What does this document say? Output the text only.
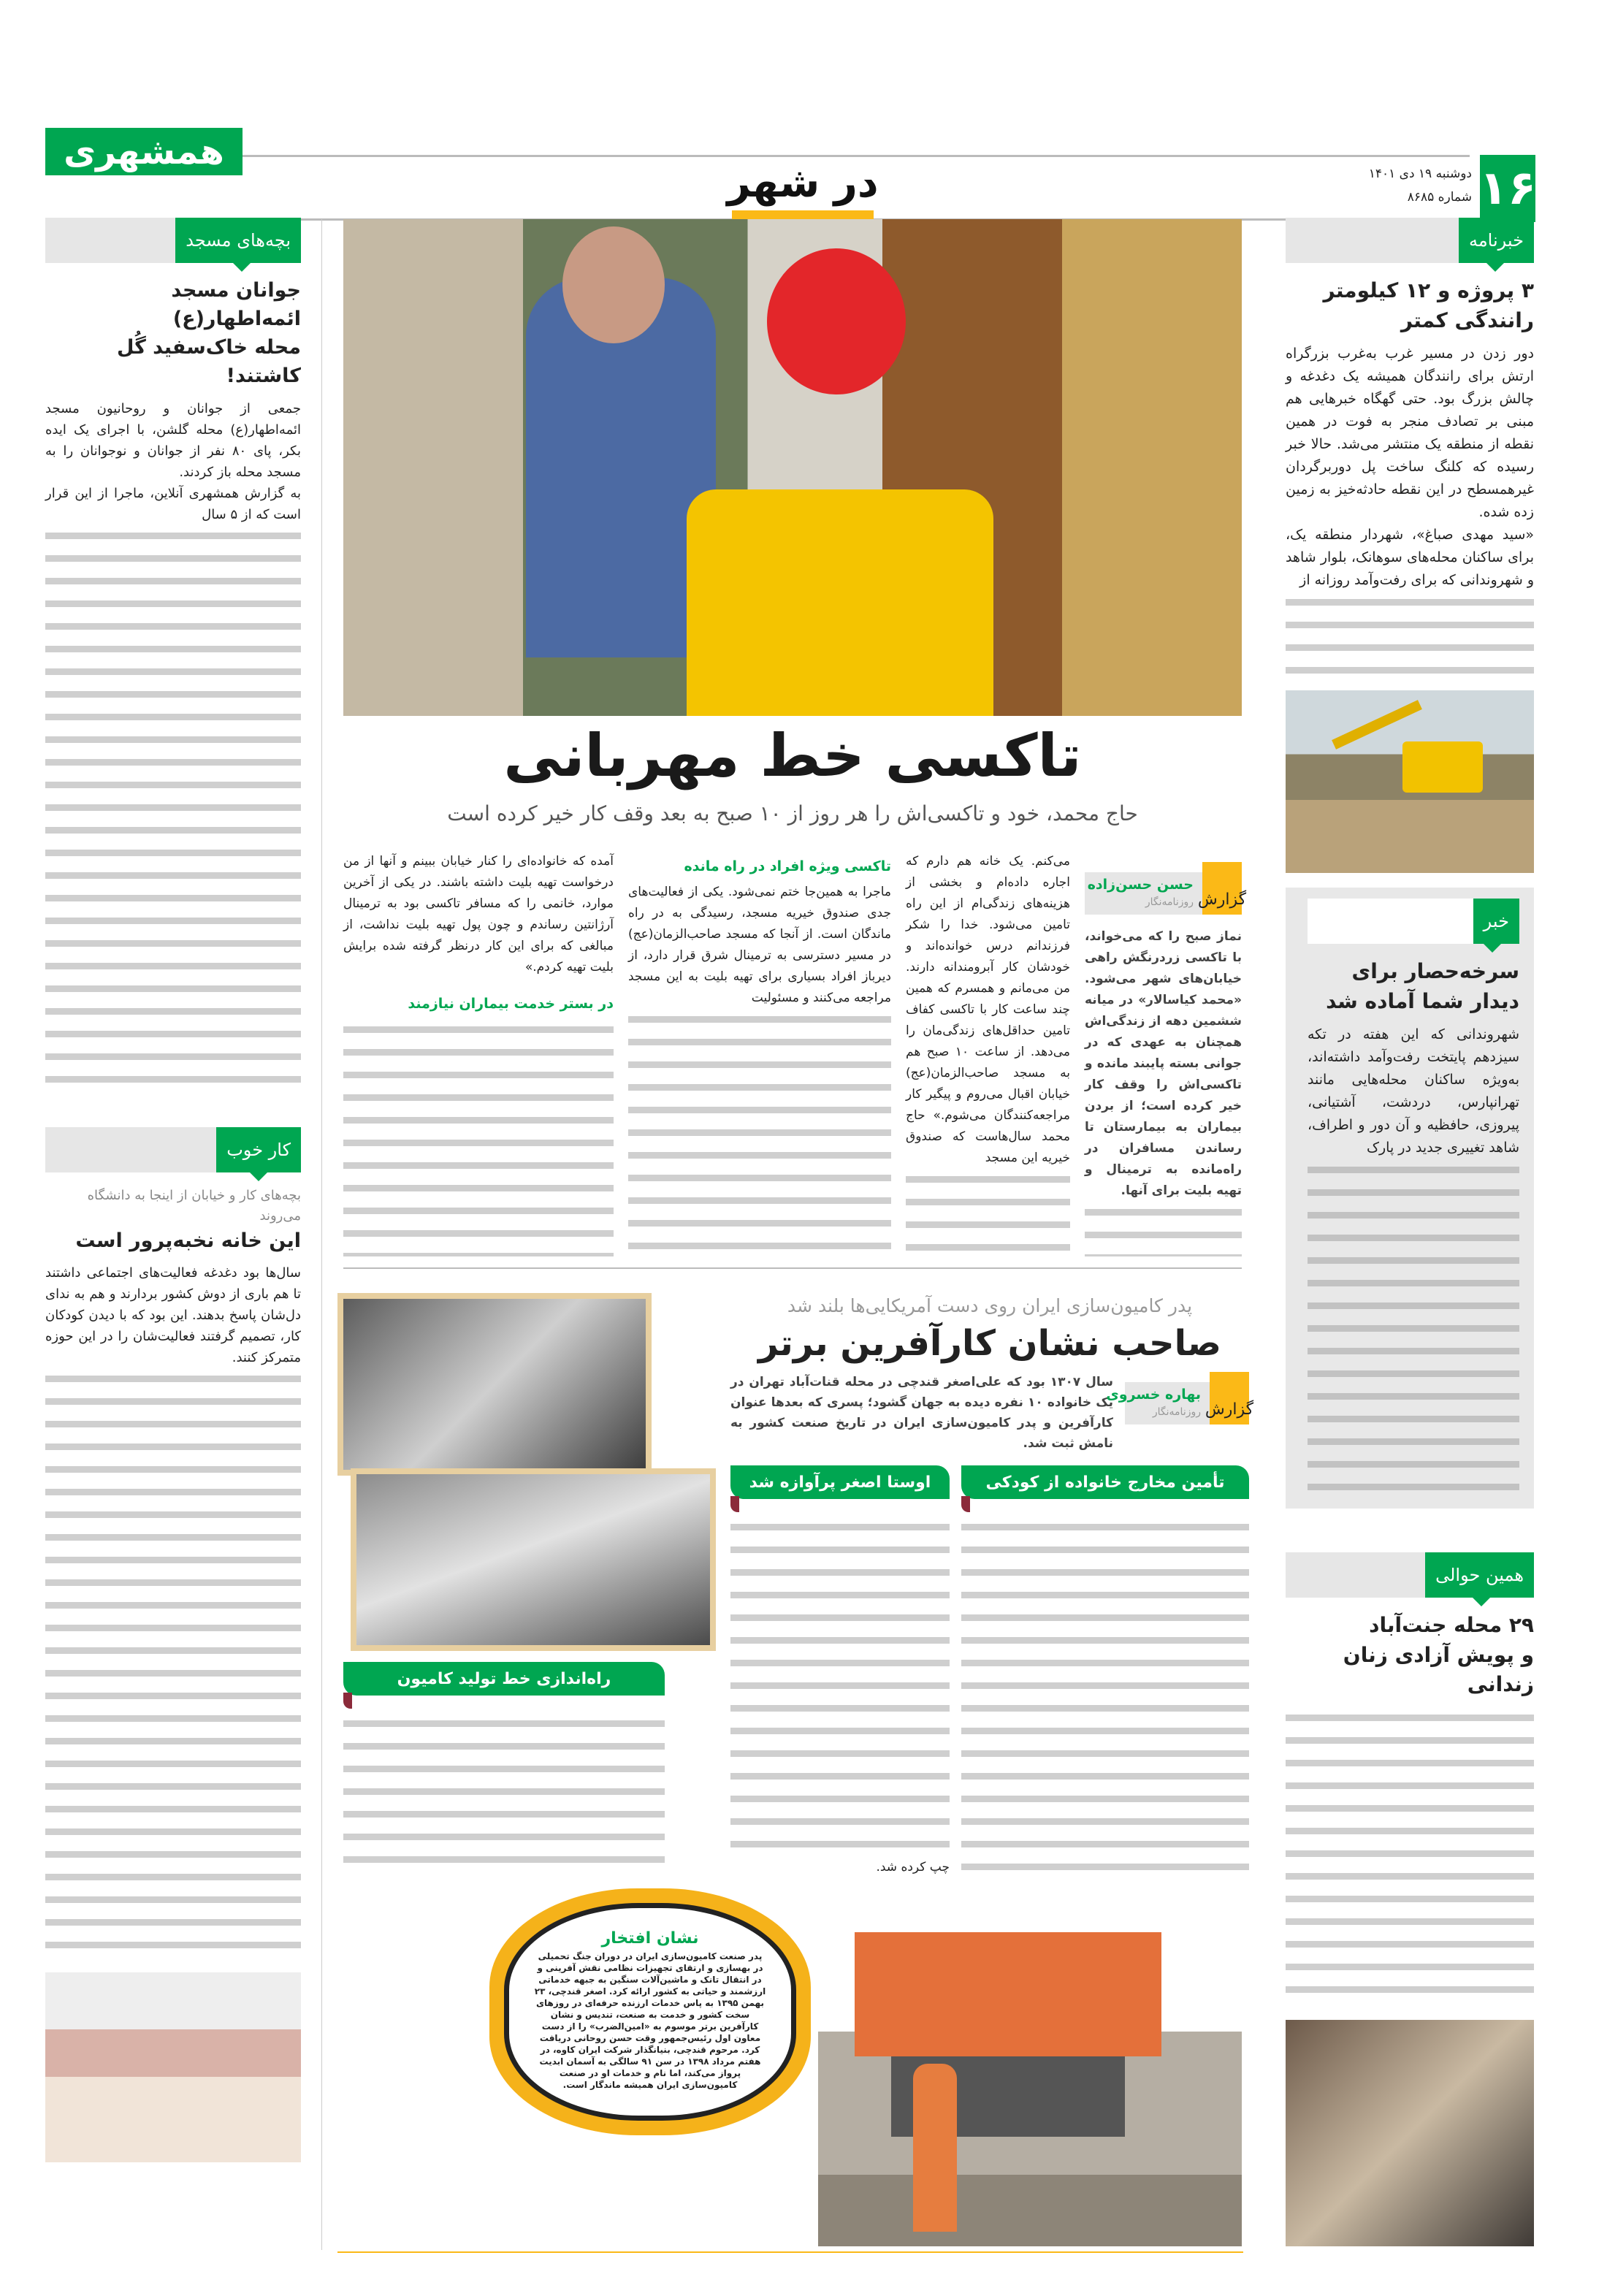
۱۶
دوشنبه ۱۹ دی ۱۴۰۱
شماره ۸۶۸۵
در شهر
همشهری
خبرنامه
۳ پروژه و ۱۲ کیلومتر رانندگی کمتر

دور زدن در مسیر غرب به‌غرب بزرگراه ارتش برای رانندگان همیشه یک دغدغه و چالش بزرگ بود. حتی گهگاه خبرهایی هم مبنی بر تصادف منجر به فوت در همین نقطه از منطقه یک منتشر می‌شد. حالا خبر رسیده که کلنگ ساخت پل دوربرگردان غیرهمسطح در این نقطه حادثه‌خیز به زمین زده شده.

«سید مهدی صباغ»، شهردار منطقه یک، برای ساکنان محله‌های سوهانک، بلوار شاهد و شهروندانی که برای رفت‌وآمد روزانه از

خبر
سرخه‌حصار برای دیدار شما آماده شد

شهروندانی که این هفته در تکه سیزدهم پایتخت رفت‌وآمد داشته‌اند، به‌ویژه ساکنان محله‌هایی مانند تهرانپارس، دردشت، آشتیانی، پیروزی، حافظیه و آن دور و اطراف، شاهد تغییری جدید در پارک

همین حوالی
۲۹ محله جنت‌آباد
و پویش آزادی زنان زندانی
بچه‌های مسجد
جوانان مسجد ائمه‌اطهار(ع)
محله خاک‌سفید گُل کاشتند!

جمعی از جوانان و روحانیون مسجد ائمه‌اطهار(ع) محله گلشن، با اجرای یک ایده بکر، پای ۸۰ نفر از جوانان و نوجوانان را به مسجد محله باز کردند.

به گزارش همشهری آنلاین، ماجرا از این قرار است که از ۵ سال

کار خوب
بچه‌های کار و خیابان از اینجا به دانشگاه می‌روند
این خانه نخبه‌پرور است

سال‌ها بود دغدغه فعالیت‌های اجتماعی داشتند تا هم باری از دوش کشور بردارند و هم به ندای دل‌شان پاسخ بدهند. این بود که با دیدن کودکان کار، تصمیم گرفتند فعالیت‌شان را در این حوزه متمرکز کنند.

تاکسی خط مهربانی
حاج محمد، خود و تاکسی‌اش را هر روز از ۱۰ صبح به بعد وقف کار خیر کرده است
گزارش
حسن حسن‌زاده
روزنامه‌نگار

نماز صبح را که می‌خواند، با تاکسی زردرنگش راهی خیابان‌های شهر می‌شود. «محمد کیاسالار» در میانه ششمین دهه از زندگی‌اش همچنان به عهدی که در جوانی بسته پایبند مانده و تاکسی‌اش را وقف کار خیر کرده است؛ از بردن بیماران به بیمارستان تا رساندن مسافران در راه‌مانده به ترمینال و تهیه بلیت برای آنها.

می‌کنم. یک خانه هم دارم که اجاره داده‌ام و بخشی از هزینه‌های زندگی‌ام از این راه تامین می‌شود. خدا را شکر فرزندانم درس خوانده‌اند و خودشان کار آبرومندانه دارند. من می‌مانم و همسرم که همین چند ساعت کار با تاکسی کفاف تامین حداقل‌های زندگی‌مان را می‌دهد. از ساعت ۱۰ صبح هم به مسجد صاحب‌الزمان(عج) خیابان اقبال می‌روم و پیگیر کار مراجعه‌کنندگان می‌شوم.» حاج محمد سال‌هاست که صندوق خیریه این مسجد

تاکسی ویژه افراد در راه مانده

ماجرا به همین‌جا ختم نمی‌شود. یکی از فعالیت‌های جدی صندوق خیریه مسجد، رسیدگی به در راه ماندگان است. از آنجا که مسجد صاحب‌الزمان(عج) در مسیر دسترسی به ترمینال شرق قرار دارد، از دیرباز افراد بسیاری برای تهیه بلیت به این مسجد مراجعه می‌کنند و مسئولیت

آمده که خانواده‌ای را کنار خیابان ببینم و آنها از من درخواست تهیه بلیت داشته باشند. در یکی از آخرین موارد، خانمی را که مسافر تاکسی بود به ترمینال آرژانتین رساندم و چون پول تهیه بلیت نداشت، از مبالغی که برای این کار درنظر گرفته شده برایش بلیت تهیه کردم.»

در بستر خدمت بیماران نیازمند
پدر کامیون‌سازی ایران روی دست آمریکایی‌ها بلند شد
صاحب نشان کارآفرین برتر
گزارش
بهاره خسروی
روزنامه‌نگار

سال ۱۳۰۷ بود که علی‌اصغر قندچی در محله قنات‌آباد تهران در یک خانواده ۱۰ نفره دیده به جهان گشود؛ پسری که بعدها عنوان کارآفرین و پدر کامیون‌سازی ایران در تاریخ صنعت کشور به نامش ثبت شد.

تأمین مخارج خانواده از کودکی
اوستا اصغر پرآوازه شد
چپ کرده شد.
راه‌اندازی خط تولید کامیون
نشان افتخار
پدر صنعت کامیون‌سازی ایران در دوران جنگ تحمیلی در بهسازی و ارتقای تجهیزات نظامی نقش آفرینی و در انتقال تانک و ماشین‌آلات سنگین به جبهه خدماتی ارزشمند و حیاتی به کشور ارائه کرد. اصغر قندچی، ۲۳ بهمن ۱۳۹۵ به پاس خدمات ارزنده حرفه‌ای در روزهای سخت کشور و خدمت به صنعت، تندیس و نشان کارآفرین برتر موسوم به «امین‌الضرب» را از دست معاون اول رئیس‌جمهور وقت حسن روحانی دریافت کرد. مرحوم قندچی، بنیانگذار شرکت ایران کاوه، در هفتم مرداد ۱۳۹۸ در سن ۹۱ سالگی به آسمان ابدیت پرواز می‌کند، اما نام و خدمات او در صنعت کامیون‌سازی ایران همیشه ماندگار است.
